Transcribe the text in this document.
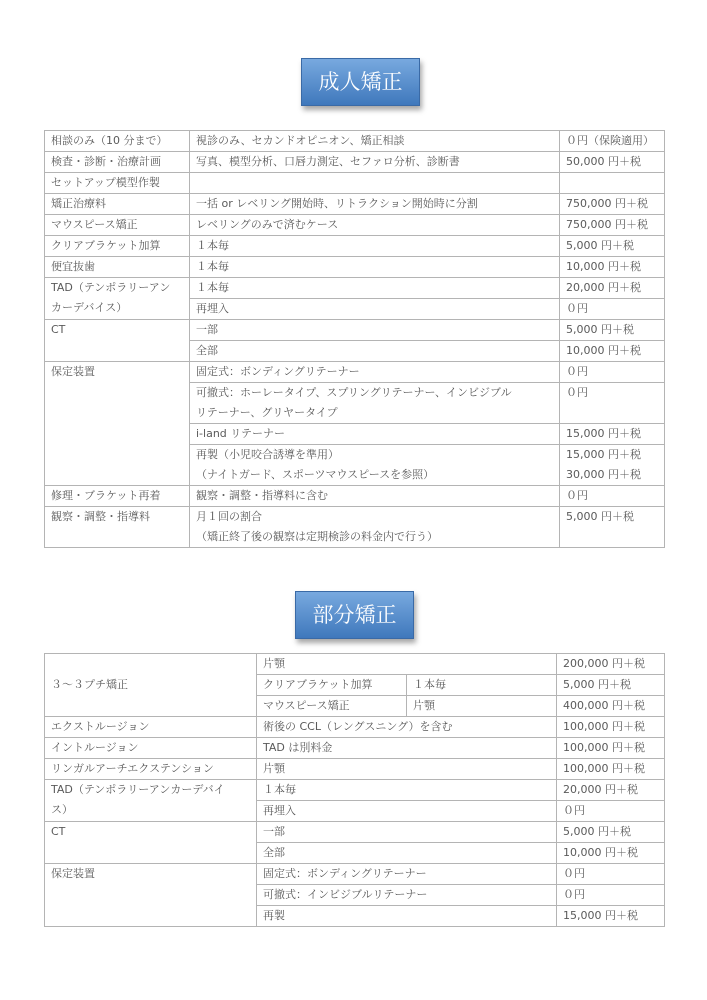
成人矯正
相談のみ（10 分まで）	視診のみ、セカンドオピニオン、矯正相談	０円（保険適用）
検査・診断・治療計画	写真、模型分析、口唇力測定、セファロ分析、診断書	50,000 円＋税
セットアップ模型作製		
矯正治療料	一括 or レベリング開始時、リトラクション開始時に分割	750,000 円＋税
マウスピース矯正	レベリングのみで済むケース	750,000 円＋税
クリアブラケット加算	１本毎	5,000 円＋税
便宜抜歯	１本毎	10,000 円＋税
TAD（テンポラリーアン
カーデバイス）	１本毎	20,000 円＋税
	再埋入	０円
CT	一部	5,000 円＋税
	全部	10,000 円＋税
保定装置	固定式：ボンディングリテーナー	０円
	可撤式：ホーレータイプ、スプリングリテーナー、インビジブル
リテーナー、グリヤータイプ	０円
	i-land リテーナー	15,000 円＋税
	再製（小児咬合誘導を準用）
（ナイトガード、スポーツマウスピースを参照）	15,000 円＋税
30,000 円＋税
修理・ブラケット再着	観察・調整・指導料に含む	０円
観察・調整・指導料	月１回の割合
（矯正終了後の観察は定期検診の料金内で行う）	5,000 円＋税
部分矯正
３～３プチ矯正	片顎		200,000 円＋税
	クリアブラケット加算	１本毎	5,000 円＋税
	マウスピース矯正	片顎	400,000 円＋税
エクストルージョン	術後の CCL（レングスニング）を含む		100,000 円＋税
イントルージョン	TAD は別料金		100,000 円＋税
リンガルアーチエクステンション	片顎		100,000 円＋税
TAD（テンポラリーアンカーデバイ
ス）	１本毎		20,000 円＋税
	再埋入		０円
CT	一部		5,000 円＋税
	全部		10,000 円＋税
保定装置	固定式：ボンディングリテーナー		０円
	可撤式：インビジブルリテーナー		０円
	再製		15,000 円＋税
